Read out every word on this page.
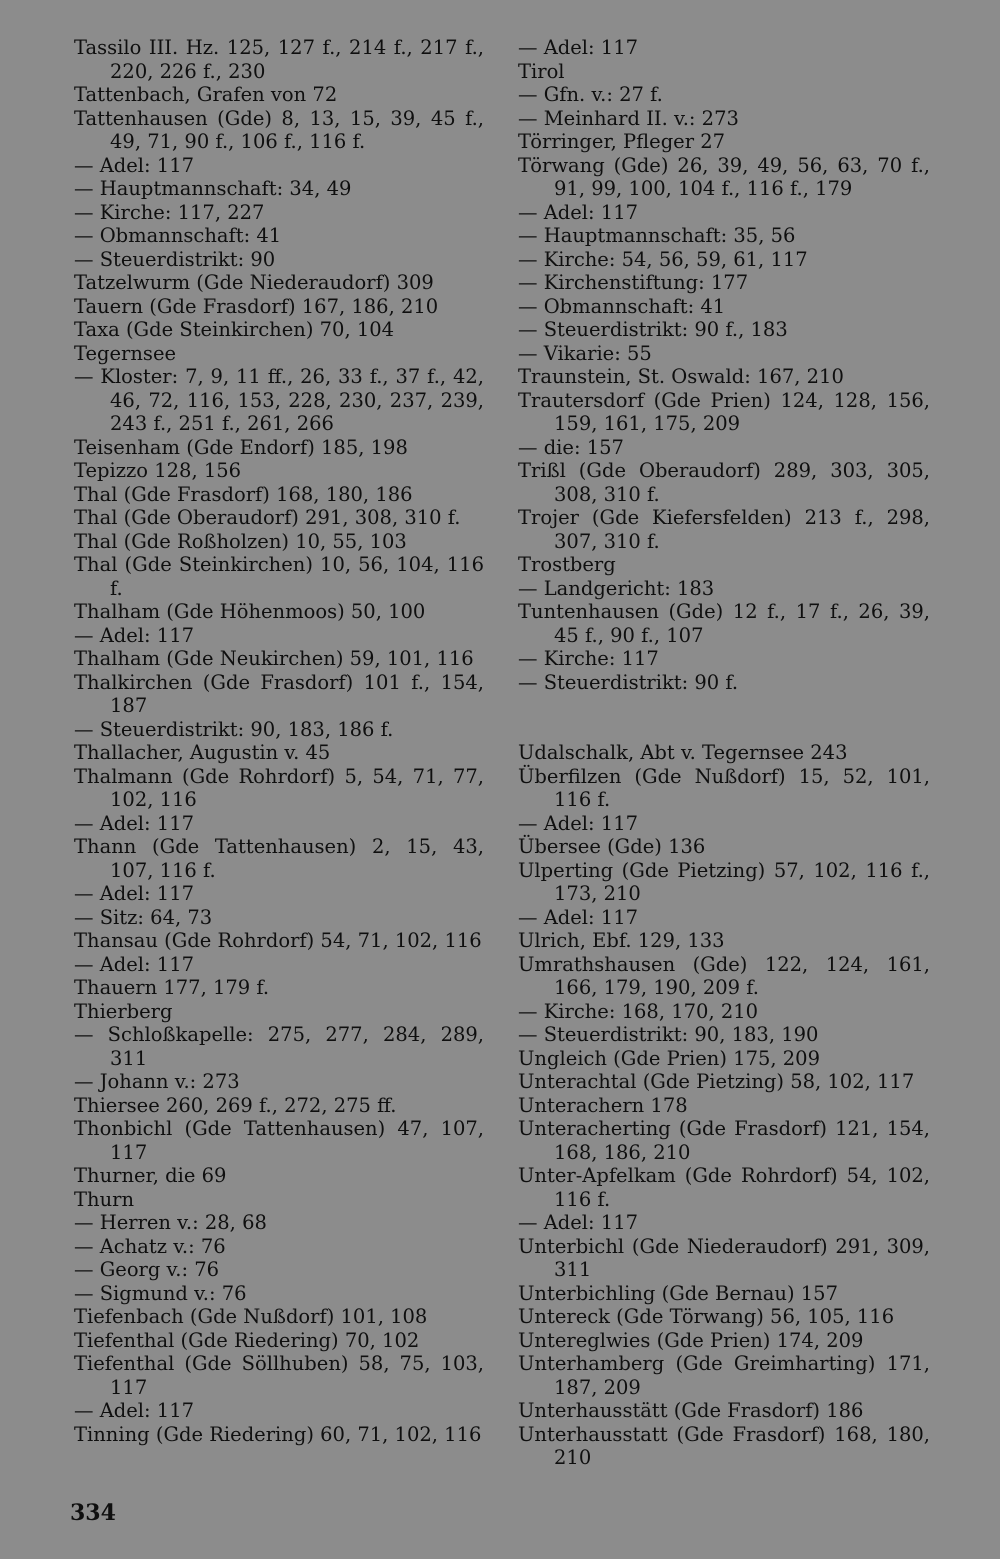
Tassilo III. Hz. 125, 127 f., 214 f., 217 f., 220, 226 f., 230
Tattenbach, Grafen von 72
Tattenhausen (Gde) 8, 13, 15, 39, 45 f., 49, 71, 90 f., 106 f., 116 f.
— Adel: 117
— Hauptmannschaft: 34, 49
— Kirche: 117, 227
— Obmannschaft: 41
— Steuerdistrikt: 90
Tatzelwurm (Gde Niederaudorf) 309
Tauern (Gde Frasdorf) 167, 186, 210
Taxa (Gde Steinkirchen) 70, 104
Tegernsee
— Kloster: 7, 9, 11 ff., 26, 33 f., 37 f., 42, 46, 72, 116, 153, 228, 230, 237, 239, 243 f., 251 f., 261, 266
Teisenham (Gde Endorf) 185, 198
Tepizzo 128, 156
Thal (Gde Frasdorf) 168, 180, 186
Thal (Gde Oberaudorf) 291, 308, 310 f.
Thal (Gde Roßholzen) 10, 55, 103
Thal (Gde Steinkirchen) 10, 56, 104, 116 f.
Thalham (Gde Höhenmoos) 50, 100
— Adel: 117
Thalham (Gde Neukirchen) 59, 101, 116
Thalkirchen (Gde Frasdorf) 101 f., 154, 187
— Steuerdistrikt: 90, 183, 186 f.
Thallacher, Augustin v. 45
Thalmann (Gde Rohrdorf) 5, 54, 71, 77, 102, 116
— Adel: 117
Thann (Gde Tattenhausen) 2, 15, 43, 107, 116 f.
— Adel: 117
— Sitz: 64, 73
Thansau (Gde Rohrdorf) 54, 71, 102, 116
— Adel: 117
Thauern 177, 179 f.
Thierberg
— Schloßkapelle: 275, 277, 284, 289, 311
— Johann v.: 273
Thiersee 260, 269 f., 272, 275 ff.
Thonbichl (Gde Tattenhausen) 47, 107, 117
Thurner, die 69
Thurn
— Herren v.: 28, 68
— Achatz v.: 76
— Georg v.: 76
— Sigmund v.: 76
Tiefenbach (Gde Nußdorf) 101, 108
Tiefenthal (Gde Riedering) 70, 102
Tiefenthal (Gde Söllhuben) 58, 75, 103, 117
— Adel: 117
Tinning (Gde Riedering) 60, 71, 102, 116
— Adel: 117
Tirol
— Gfn. v.: 27 f.
— Meinhard II. v.: 273
Törringer, Pfleger 27
Törwang (Gde) 26, 39, 49, 56, 63, 70 f., 91, 99, 100, 104 f., 116 f., 179
— Adel: 117
— Hauptmannschaft: 35, 56
— Kirche: 54, 56, 59, 61, 117
— Kirchenstiftung: 177
— Obmannschaft: 41
— Steuerdistrikt: 90 f., 183
— Vikarie: 55
Traunstein, St. Oswald: 167, 210
Trautersdorf (Gde Prien) 124, 128, 156, 159, 161, 175, 209
— die: 157
Trißl (Gde Oberaudorf) 289, 303, 305, 308, 310 f.
Trojer (Gde Kiefersfelden) 213 f., 298, 307, 310 f.
Trostberg
— Landgericht: 183
Tuntenhausen (Gde) 12 f., 17 f., 26, 39, 45 f., 90 f., 107
— Kirche: 117
— Steuerdistrikt: 90 f.
Udalschalk, Abt v. Tegernsee 243
Überfilzen (Gde Nußdorf) 15, 52, 101, 116 f.
— Adel: 117
Übersee (Gde) 136
Ulperting (Gde Pietzing) 57, 102, 116 f., 173, 210
— Adel: 117
Ulrich, Ebf. 129, 133
Umrathshausen (Gde) 122, 124, 161, 166, 179, 190, 209 f.
— Kirche: 168, 170, 210
— Steuerdistrikt: 90, 183, 190
Ungleich (Gde Prien) 175, 209
Unterachtal (Gde Pietzing) 58, 102, 117
Unterachern 178
Unteracherting (Gde Frasdorf) 121, 154, 168, 186, 210
Unter-Apfelkam (Gde Rohrdorf) 54, 102, 116 f.
— Adel: 117
Unterbichl (Gde Niederaudorf) 291, 309, 311
Unterbichling (Gde Bernau) 157
Untereck (Gde Törwang) 56, 105, 116
Untereglwies (Gde Prien) 174, 209
Unterhamberg (Gde Greimharting) 171, 187, 209
Unterhausstätt (Gde Frasdorf) 186
Unterhausstatt (Gde Frasdorf) 168, 180, 210
334
